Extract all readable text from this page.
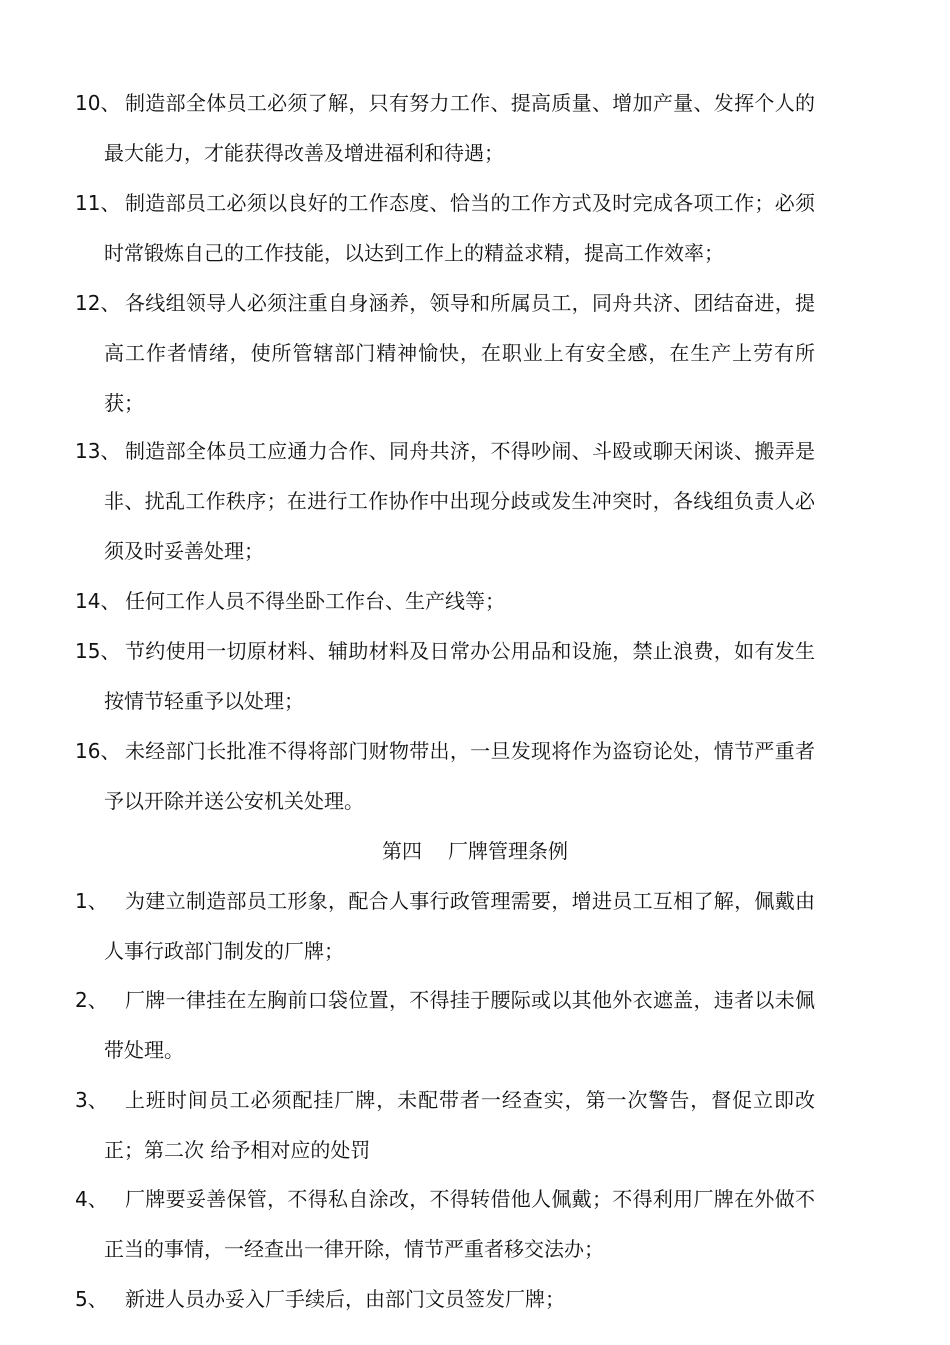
10、 制造部全体员工必须了解，只有努力工作、提高质量、增加产量、发挥个人的最大能力，才能获得改善及增进福利和待遇；
11、 制造部员工必须以良好的工作态度、恰当的工作方式及时完成各项工作；必须时常锻炼自己的工作技能，以达到工作上的精益求精，提高工作效率；
12、 各线组领导人必须注重自身涵养，领导和所属员工，同舟共济、团结奋进，提高工作者情绪，使所管辖部门精神愉快，在职业上有安全感，在生产上劳有所获；
13、 制造部全体员工应通力合作、同舟共济，不得吵闹、斗殴或聊天闲谈、搬弄是非、扰乱工作秩序；在进行工作协作中出现分歧或发生冲突时，各线组负责人必须及时妥善处理；
14、 任何工作人员不得坐卧工作台、生产线等；
15、 节约使用一切原材料、辅助材料及日常办公用品和设施，禁止浪费，如有发生按情节轻重予以处理；
16、 未经部门长批准不得将部门财物带出，一旦发现将作为盗窃论处，情节严重者予以开除并送公安机关处理。
第四 厂牌管理条例
1、 为建立制造部员工形象，配合人事行政管理需要，增进员工互相了解，佩戴由人事行政部门制发的厂牌；
2、 厂牌一律挂在左胸前口袋位置，不得挂于腰际或以其他外衣遮盖，违者以未佩带处理。
3、 上班时间员工必须配挂厂牌，未配带者一经查实，第一次警告，督促立即改正；第二次 给予相对应的处罚
4、 厂牌要妥善保管，不得私自涂改，不得转借他人佩戴；不得利用厂牌在外做不正当的事情，一经查出一律开除，情节严重者移交法办；
5、 新进人员办妥入厂手续后，由部门文员签发厂牌；
